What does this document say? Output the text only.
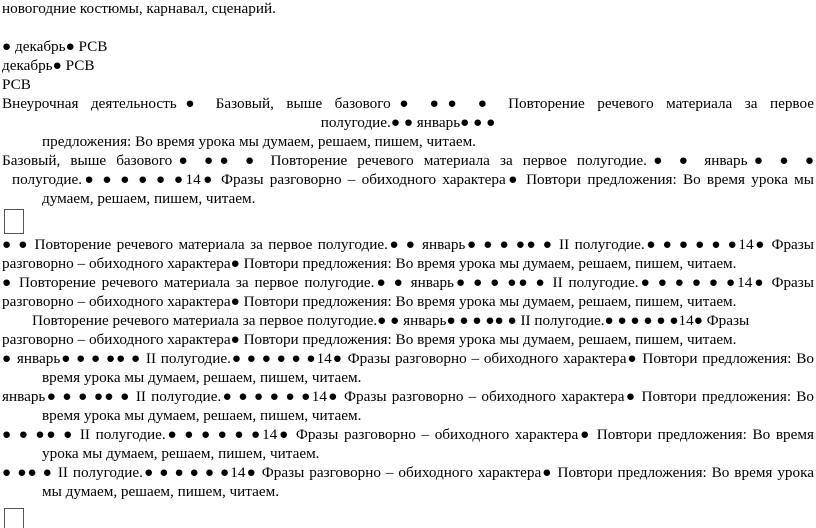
новогодние костюмы, карнавал, сценарий.
● декабрь● РСВ
декабрь● РСВ
РСВ
Внеурочная деятельность● Базовый, выше базового● ●● ● Повторение речевого материала за первое
полугодие.● ● январь● ● ●
предложения: Во время урока мы думаем, решаем, пишем, читаем.
Базовый, выше базового● ●● ● Повторение речевого материала за первое полугодие.● ● январь● ● ●
полугодие.● ● ● ● ● ●14● Фразы разговорно – обиходного характера● Повтори предложения: Во время урока мы
думаем, решаем, пишем, читаем.
● ● Повторение речевого материала за первое полугодие.● ● январь● ● ● ●● ● II полугодие.● ● ● ● ● ●14● Фразы
разговорно – обиходного характера● Повтори предложения: Во время урока мы думаем, решаем, пишем, читаем.
● Повторение речевого материала за первое полугодие.● ● январь● ● ● ●● ● II полугодие.● ● ● ● ● ●14● Фразы
разговорно – обиходного характера● Повтори предложения: Во время урока мы думаем, решаем, пишем, читаем.
Повторение речевого материала за первое полугодие.● ● январь● ● ● ●● ● II полугодие.● ● ● ● ● ●14● Фразы
разговорно – обиходного характера● Повтори предложения: Во время урока мы думаем, решаем, пишем, читаем.
● январь● ● ● ●● ● II полугодие.● ● ● ● ● ●14● Фразы разговорно – обиходного характера● Повтори предложения: Во
время урока мы думаем, решаем, пишем, читаем.
январь● ● ● ●● ● II полугодие.● ● ● ● ● ●14● Фразы разговорно – обиходного характера● Повтори предложения: Во
время урока мы думаем, решаем, пишем, читаем.
● ● ●● ● II полугодие.● ● ● ● ● ●14● Фразы разговорно – обиходного характера● Повтори предложения: Во время
урока мы думаем, решаем, пишем, читаем.
● ●● ● II полугодие.● ● ● ● ● ●14● Фразы разговорно – обиходного характера● Повтори предложения: Во время урока
мы думаем, решаем, пишем, читаем.
